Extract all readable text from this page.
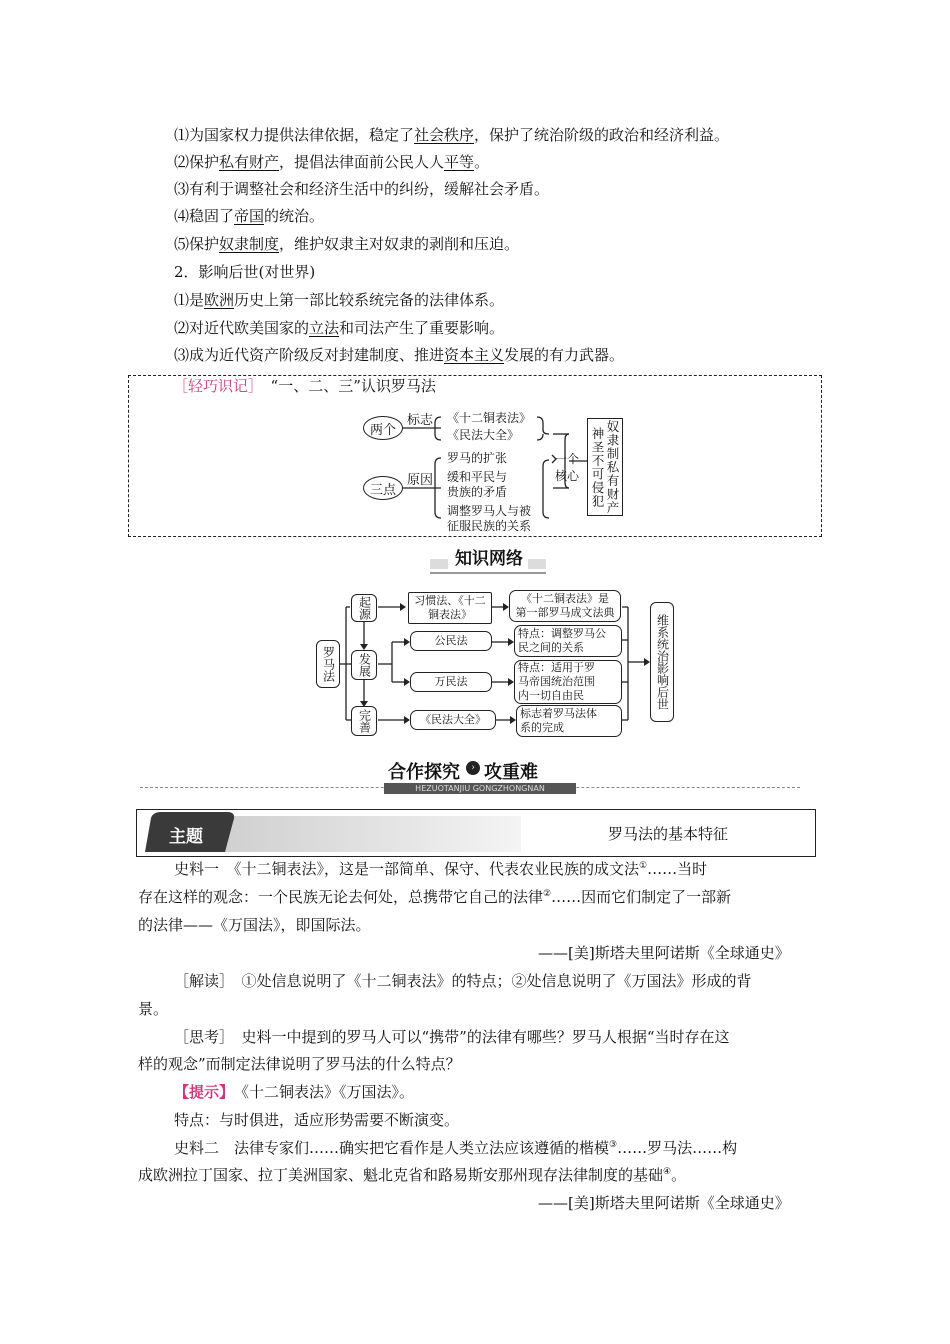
⑴为国家权力提供法律依据，稳定了社会秩序，保护了统治阶级的政治和经济利益。
⑵保护私有财产，提倡法律面前公民人人平等。
⑶有利于调整社会和经济生活中的纠纷，缓解社会矛盾。
⑷稳固了帝国的统治。
⑸保护奴隶制度，维护奴隶主对奴隶的剥削和压迫。
2．影响后世(对世界)
⑴是欧洲历史上第一部比较系统完备的法律体系。
⑵对近代欧美国家的立法和司法产生了重要影响。
⑶成为近代资产阶级反对封建制度、推进资本主义发展的有力武器。
［轻巧识记］　 “一、二、三”认识罗马法
两个
标志 《十二铜表法》
《民法大全》
三点
原因
罗马的扩张
缓和平民与
贵族的矛盾
调整罗马人与被
征服民族的关系
一个
核心 神圣不可侵犯 奴隶制私有财产
知识网络
罗马法
起源
发展
完善
习惯法、《十二
铜表法》
《十二铜表法》是
第一部罗马成文法典
公民法
特点：调整罗马公
民之间的关系
万民法
特点：适用于罗
马帝国统治范围
内一切自由民
《民法大全》	标志着罗马法体
系的完成
维系统治影响后世
合作探究	› 攻重难
HEZUOTANJIU GONGZHONGNAN
主题	罗马法的基本特征
史料一　《十二铜表法》，这是一部简单、保守、代表农业民族的成文法①……当时
存在这样的观念：一个民族无论去何处，总携带它自己的法律②……因而它们制定了一部新
的法律——《万国法》，即国际法。
——[美]斯塔夫里阿诺斯《全球通史》
［解读］　①处信息说明了《十二铜表法》的特点；②处信息说明了《万国法》形成的背
景。
［思考］　史料一中提到的罗马人可以“携带”的法律有哪些？罗马人根据“当时存在这
样的观念”而制定法律说明了罗马法的什么特点？
【提示】　《十二铜表法》《万国法》。
特点：与时俱进，适应形势需要不断演变。
史料二　法律专家们……确实把它看作是人类立法应该遵循的楷模③……罗马法……构
成欧洲拉丁国家、拉丁美洲国家、魁北克省和路易斯安那州现存法律制度的基础④。
——[美]斯塔夫里阿诺斯《全球通史》
